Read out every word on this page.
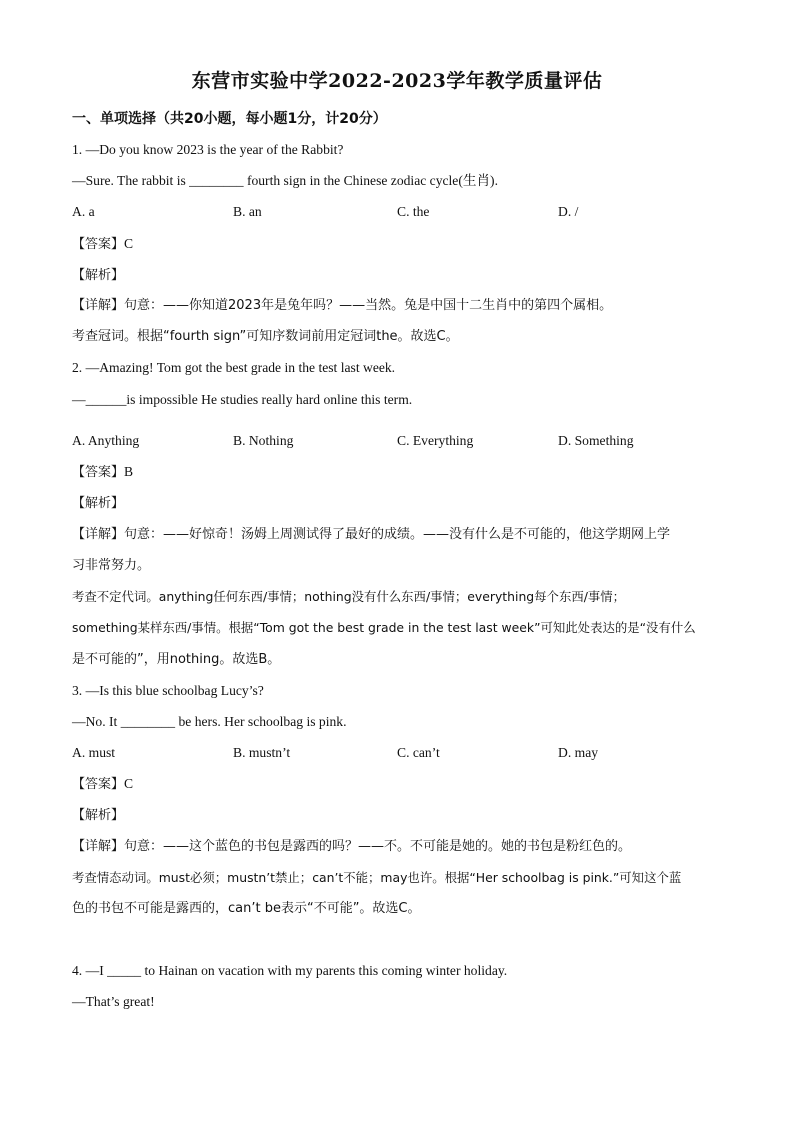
东营市实验中学2022-2023学年教学质量评估
一、单项选择（共20小题，每小题1分，计20分）
1. —Do you know 2023 is the year of the Rabbit?
—Sure. The rabbit is ________ fourth sign in the Chinese zodiac cycle(生肖).
A. a	B. an	C. the	D. /
【答案】C
【解析】
【详解】句意：——你知道2023年是兔年吗？——当然。兔是中国十二生肖中的第四个属相。
考查冠词。根据“fourth sign”可知序数词前用定冠词the。故选C。
2. —Amazing! Tom got the best grade in the test last week.
—______is impossible He studies really hard online this term.
A. Anything	B. Nothing	C. Everything	D. Something
【答案】B
【解析】
【详解】句意：——好惊奇！汤姆上周测试得了最好的成绩。——没有什么是不可能的，他这学期网上学
习非常努力。
考查不定代词。anything任何东西/事情；nothing没有什么东西/事情；everything每个东西/事情；
something某样东西/事情。根据“Tom got the best grade in the test last week”可知此处表达的是“没有什么
是不可能的”，用nothing。故选B。
3. —Is this blue schoolbag Lucy’s?
—No. It ________ be hers. Her schoolbag is pink.
A. must	B. mustn’t	C. can’t	D. may
【答案】C
【解析】
【详解】句意：——这个蓝色的书包是露西的吗？——不。不可能是她的。她的书包是粉红色的。
考查情态动词。must必须；mustn’t禁止；can’t不能；may也许。根据“Her schoolbag is pink.”可知这个蓝
色的书包不可能是露西的，can’t be表示“不可能”。故选C。
4. —I _____ to Hainan on vacation with my parents this coming winter holiday.
—That’s great!
